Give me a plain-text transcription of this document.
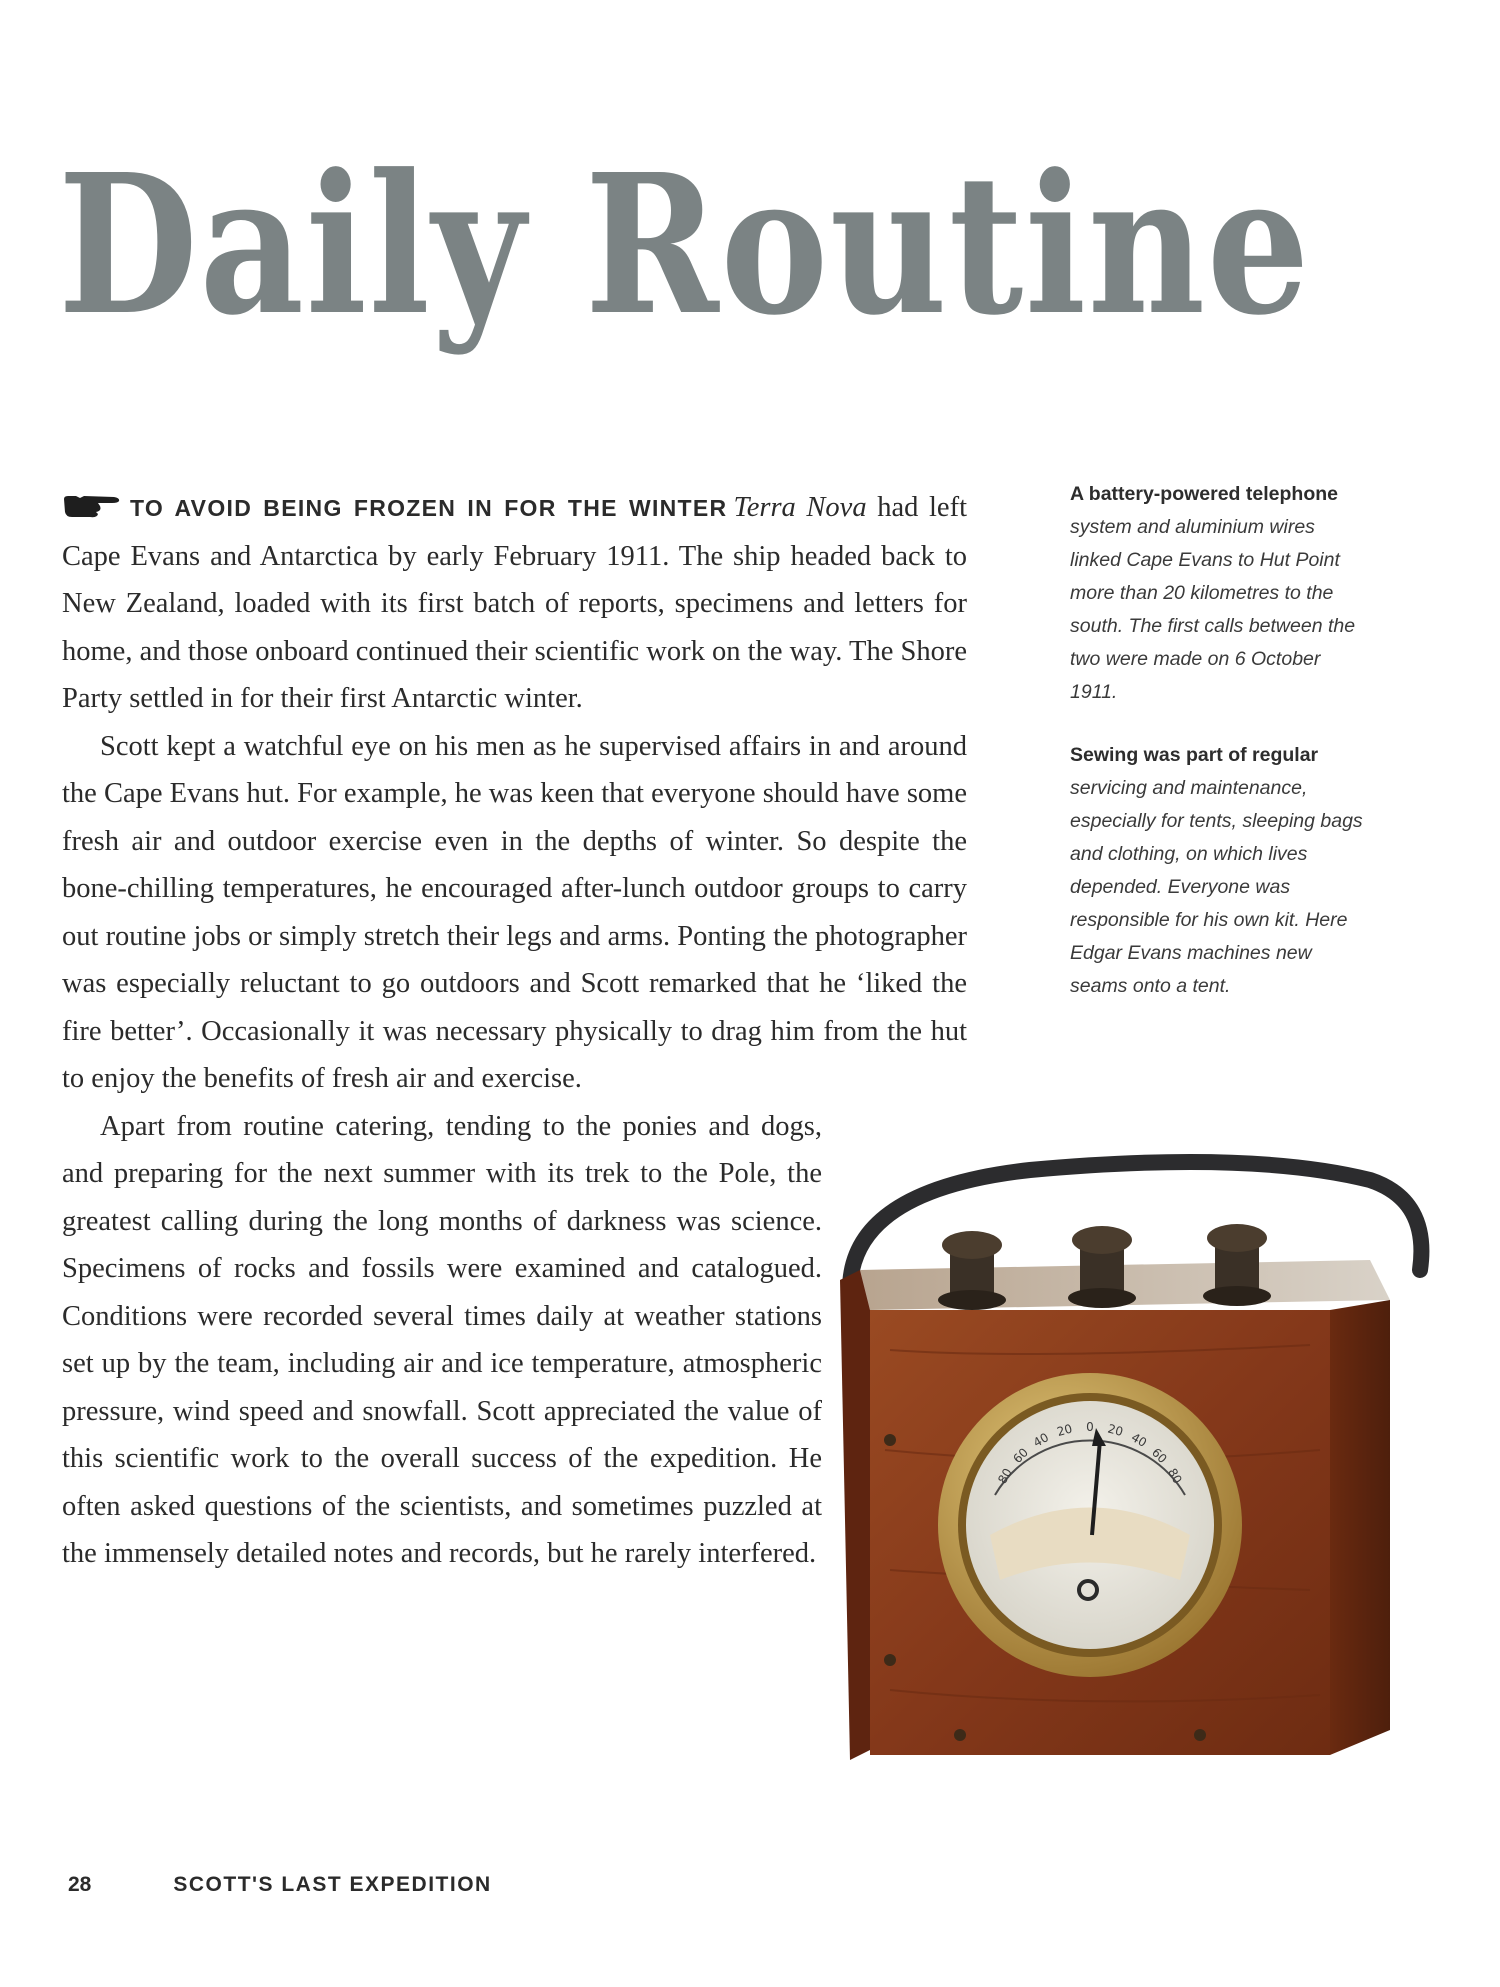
Daily Routine

TO AVOID BEING FROZEN IN FOR THE WINTER Terra Nova had left Cape Evans and Antarctica by early February 1911. The ship headed back to New Zealand, loaded with its first batch of reports, specimens and letters for home, and those onboard continued their scientific work on the way. The Shore Party settled in for their first Antarctic winter.

Scott kept a watchful eye on his men as he supervised affairs in and around the Cape Evans hut. For example, he was keen that everyone should have some fresh air and outdoor exercise even in the depths of winter. So despite the bone-chilling temperatures, he encouraged after-lunch outdoor groups to carry out routine jobs or simply stretch their legs and arms. Ponting the photographer was especially reluctant to go outdoors and Scott remarked that he ‘liked the fire better’. Occasionally it was necessary physically to drag him from the hut to enjoy the benefits of fresh air and exercise.

Apart from routine catering, tending to the ponies and dogs, and preparing for the next summer with its trek to the Pole, the greatest calling during the long months of darkness was science. Specimens of rocks and fossils were examined and catalogued. Conditions were recorded several times daily at weather stations set up by the team, including air and ice temperature, atmospheric pressure, wind speed and snowfall. Scott appreciated the value of this scientific work to the overall success of the expedition. He often asked questions of the scientists, and sometimes puzzled at the immensely detailed notes and records, but he rarely interfered.

A battery-powered telephone
system and aluminium wires linked Cape Evans to Hut Point more than 20 kilometres to the south. The first calls between the two were made on 6 October 1911.

Sewing was part of regular
servicing and maintenance, especially for tents, sleeping bags and clothing, on which lives depended. Everyone was responsible for his own kit. Here Edgar Evans machines new seams onto a tent.

80
60
40 20 0 20 40
60
80
28	SCOTT'S LAST EXPEDITION
